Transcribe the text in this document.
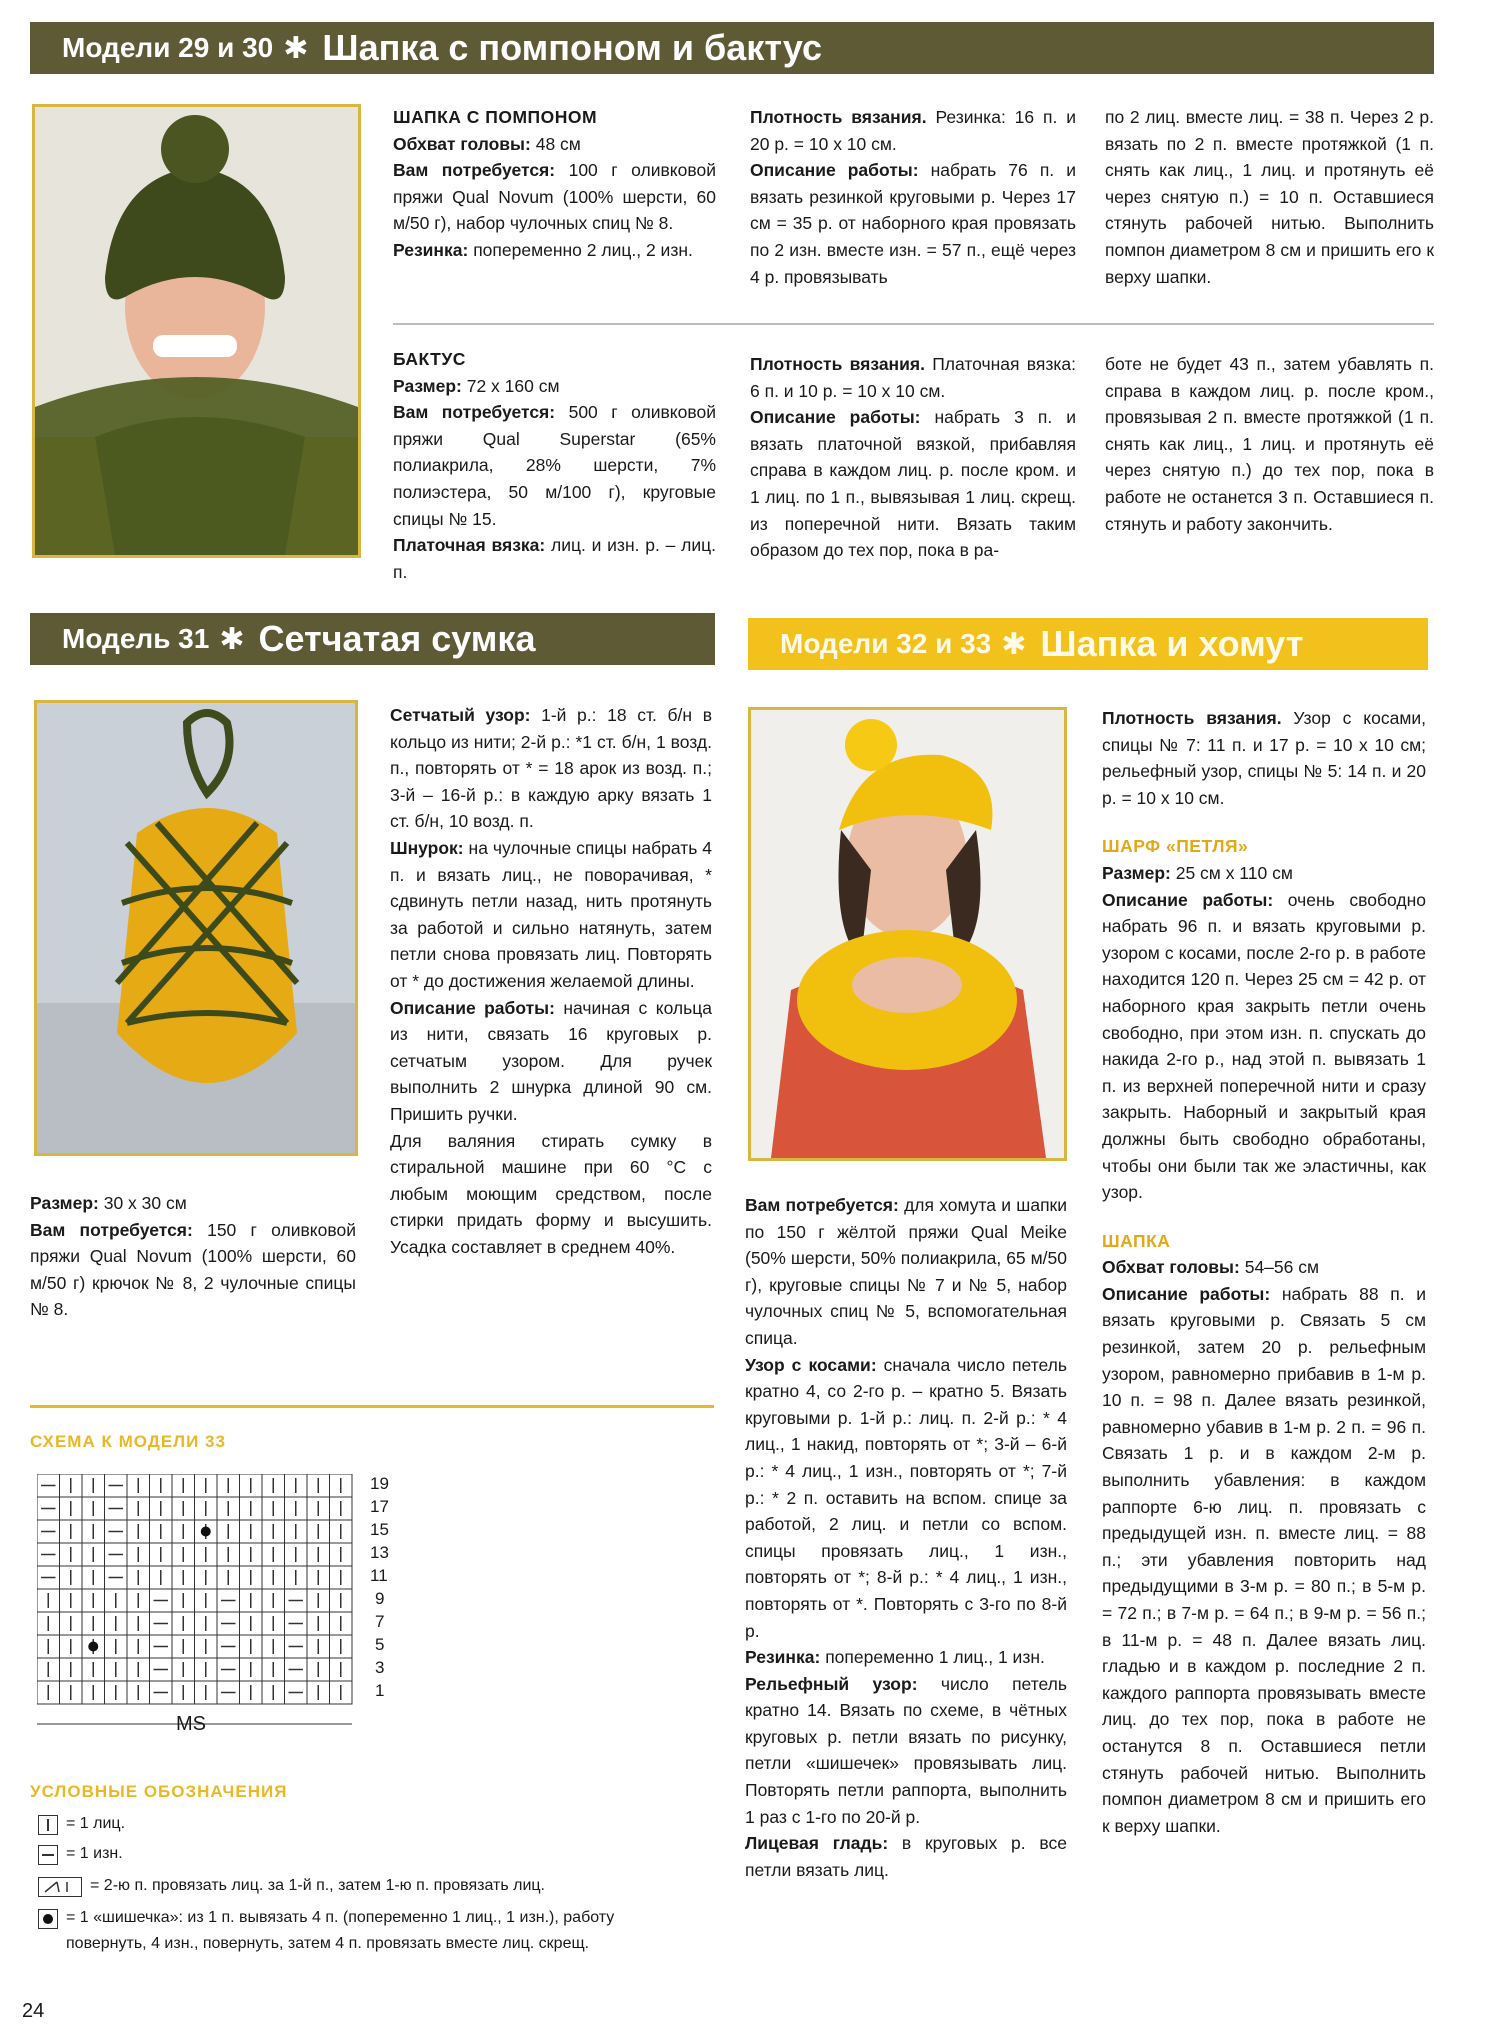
Модели 29 и 30 ✱ Шапка с помпоном и бактус

ШАПКА С ПОМПОНОМ

Обхват головы: 48 см

Вам потребуется: 100 г оливковой пряжи Qual Novum (100% шерсти, 60 м/50 г), набор чулочных спиц № 8.

Резинка: попеременно 2 лиц., 2 изн.

Плотность вязания. Резинка: 16 п. и 20 р. = 10 x 10 см.

Описание работы: набрать 76 п. и вязать резинкой круговыми р. Через 17 см = 35 р. от наборного края провязать по 2 изн. вместе изн. = 57 п., ещё через 4 р. провязывать

по 2 лиц. вместе лиц. = 38 п. Через 2 р. вязать по 2 п. вместе протяжкой (1 п. снять как лиц., 1 лиц. и протянуть её через снятую п.) = 10 п. Оставшиеся стянуть рабочей нитью. Выполнить помпон диаметром 8 см и пришить его к верху шапки.

БАКТУС

Размер: 72 x 160 см

Вам потребуется: 500 г оливковой пряжи Qual Superstar (65% полиакрила, 28% шерсти, 7% полиэстера, 50 м/100 г), круговые спицы № 15.

Платочная вязка: лиц. и изн. р. – лиц. п.

Плотность вязания. Платочная вязка: 6 п. и 10 р. = 10 x 10 см.

Описание работы: набрать 3 п. и вязать платочной вязкой, прибавляя справа в каждом лиц. р. после кром. и 1 лиц. по 1 п., вывязывая 1 лиц. скрещ. из поперечной нити. Вязать таким образом до тех пор, пока в ра-

боте не будет 43 п., затем убавлять п. справа в каждом лиц. р. после кром., провязывая 2 п. вместе протяжкой (1 п. снять как лиц., 1 лиц. и протянуть её через снятую п.) до тех пор, пока в работе не останется 3 п. Оставшиеся п. стянуть и работу закончить.

Модель 31 ✱ Сетчатая сумка	Модели 32 и 33 ✱ Шапка и хомут

Сетчатый узор: 1-й р.: 18 ст. б/н в кольцо из нити; 2-й р.: *1 ст. б/н, 1 возд. п., повторять от * = 18 арок из возд. п.; 3-й – 16-й р.: в каждую арку вязать 1 ст. б/н, 10 возд. п.

Шнурок: на чулочные спицы набрать 4 п. и вязать лиц., не поворачивая, * сдвинуть петли назад, нить протянуть за работой и сильно натянуть, затем петли снова провязать лиц. Повторять от * до достижения желаемой длины.

Описание работы: начиная с кольца из нити, связать 16 круговых р. сетчатым узором. Для ручек выполнить 2 шнурка длиной 90 см. Пришить ручки.

Для валяния стирать сумку в стиральной машине при 60 °С с любым моющим средством, после стирки придать форму и высушить. Усадка составляет в среднем 40%.

Размер: 30 x 30 см

Вам потребуется: 150 г оливковой пряжи Qual Novum (100% шерсти, 60 м/50 г) крючок № 8, 2 чулочные спицы № 8.

Вам потребуется: для хомута и шапки по 150 г жёлтой пряжи Qual Meike (50% шерсти, 50% полиакрила, 65 м/50 г), круговые спицы № 7 и № 5, набор чулочных спиц № 5, вспомогательная спица.

Узор с косами: сначала число петель кратно 4, со 2-го р. – кратно 5. Вязать круговыми р. 1-й р.: лиц. п. 2-й р.: * 4 лиц., 1 накид, повторять от *; 3-й – 6-й р.: * 4 лиц., 1 изн., повторять от *; 7-й р.: * 2 п. оставить на вспом. спице за работой, 2 лиц. и петли со вспом. спицы провязать лиц., 1 изн., повторять от *; 8-й р.: * 4 лиц., 1 изн., повторять от *. Повторять с 3-го по 8-й р.

Резинка: попеременно 1 лиц., 1 изн.

Рельефный узор: число петель кратно 14. Вязать по схеме, в чётных круговых р. петли вязать по рисунку, петли «шишечек» провязывать лиц. Повторять петли раппорта, выполнить 1 раз с 1-го по 20-й р.

Лицевая гладь: в круговых р. все петли вязать лиц.

Плотность вязания. Узор с косами, спицы № 7: 11 п. и 17 р. = 10 x 10 см; рельефный узор, спицы № 5: 14 п. и 20 р. = 10 x 10 см.

ШАРФ «ПЕТЛЯ»

Размер: 25 см x 110 см

Описание работы: очень свободно набрать 96 п. и вязать круговыми р. узором с косами, после 2-го р. в работе находится 120 п. Через 25 см = 42 р. от наборного края закрыть петли очень свободно, при этом изн. п. спускать до накида 2-го р., над этой п. вывязать 1 п. из верхней поперечной нити и сразу закрыть. Наборный и закрытый края должны быть свободно обработаны, чтобы они были так же эластичны, как узор.

ШАПКА

Обхват головы: 54–56 см

Описание работы: набрать 88 п. и вязать круговыми р. Связать 5 см резинкой, затем 20 р. рельефным узором, равномерно прибавив в 1-м р. 10 п. = 98 п. Далее вязать резинкой, равномерно убавив в 1-м р. 2 п. = 96 п. Связать 1 р. и в каждом 2-м р. выполнить убавления: в каждом раппорте 6-ю лиц. п. провязать с предыдущей изн. п. вместе лиц. = 88 п.; эти убавления повторить над предыдущими в 3-м р. = 80 п.; в 5-м р. = 72 п.; в 7-м р. = 64 п.; в 9-м р. = 56 п.; в 11-м р. = 48 п. Далее вязать лиц. гладью и в каждом р. последние 2 п. каждого раппорта провязывать вместе лиц. до тех пор, пока в работе не останутся 8 п. Оставшиеся петли стянуть рабочей нитью. Выполнить помпон диаметром 8 см и пришить его к верху шапки.

СХЕМА К МОДЕЛИ 33
19
17
15
13
11
9
7
5
3
1
MS
УСЛОВНЫЕ ОБОЗНАЧЕНИЯ
= 1 лиц.
= 1 изн.
= 2-ю п. провязать лиц. за 1-й п., затем 1-ю п. провязать лиц.
= 1 «шишечка»: из 1 п. вывязать 4 п. (попеременно 1 лиц., 1 изн.), работу повернуть, 4 изн., повернуть, затем 4 п. провязать вместе лиц. скрещ.
24
